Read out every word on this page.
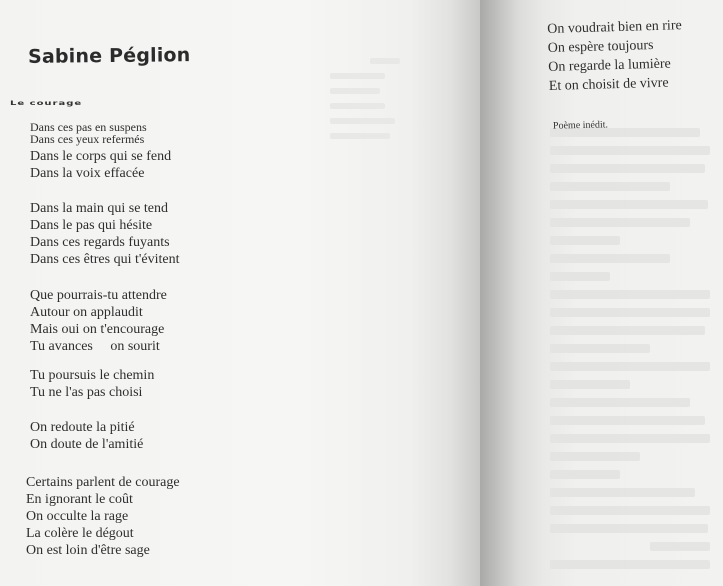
Sabine Péglion
Le courage
Dans ces pas en suspens
Dans ces yeux refermés
Dans le corps qui se fend
Dans la voix effacée
Dans la main qui se tend
Dans le pas qui hésite
Dans ces regards fuyants
Dans ces êtres qui t'évitent
Que pourrais-tu attendre
Autour on applaudit
Mais oui on t'encourage
Tu avances     on sourit
Tu poursuis le chemin
Tu ne l'as pas choisi
On redoute la pitié
On doute de l'amitié
Certains parlent de courage
En ignorant le coût
On occulte la rage
La colère le dégout
On est loin d'être sage
On voudrait bien en rire
On espère toujours
On regarde la lumière
Et on choisit de vivre
Poème inédit.
